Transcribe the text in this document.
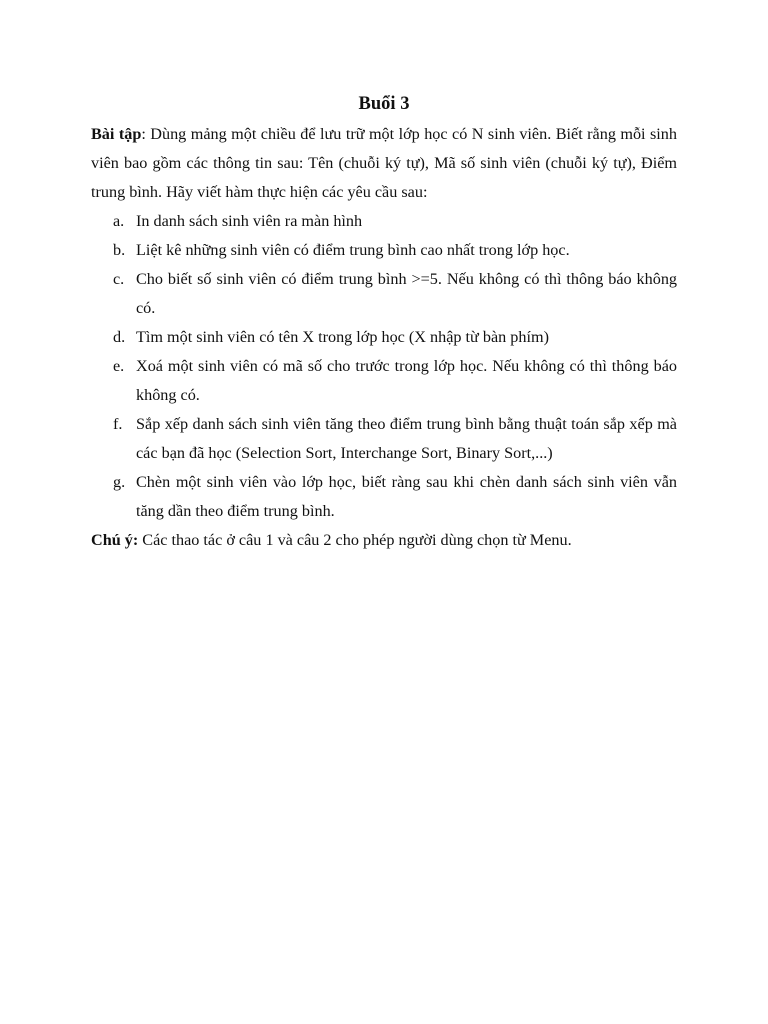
Buổi 3

Bài tập: Dùng mảng một chiều để lưu trữ một lớp học có N sinh viên. Biết rằng mỗi sinh viên bao gồm các thông tin sau: Tên (chuỗi ký tự), Mã số sinh viên (chuỗi ký tự), Điểm trung bình. Hãy viết hàm thực hiện các yêu cầu sau:

a. In danh sách sinh viên ra màn hình
b. Liệt kê những sinh viên có điểm trung bình cao nhất trong lớp học.
c. Cho biết số sinh viên có điểm trung bình >=5. Nếu không có thì thông báo không có.
d. Tìm một sinh viên có tên X trong lớp học (X nhập từ bàn phím)
e. Xoá một sinh viên có mã số cho trước trong lớp học. Nếu không có thì thông báo không có.
f. Sắp xếp danh sách sinh viên tăng theo điểm trung bình bằng thuật toán sắp xếp mà các bạn đã học (Selection Sort, Interchange Sort, Binary Sort,...)
g. Chèn một sinh viên vào lớp học, biết ràng sau khi chèn danh sách sinh viên vẫn tăng dần theo điểm trung bình.

Chú ý: Các thao tác ở câu 1 và câu 2 cho phép người dùng chọn từ Menu.
